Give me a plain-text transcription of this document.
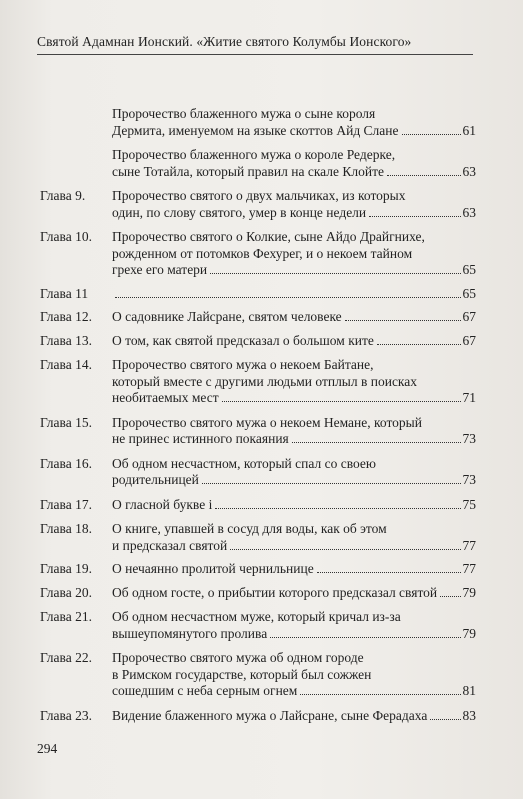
Святой Адамнан Ионский. «Житие святого Колумбы Ионского»
Пророчество блаженного мужа о сыне короля
Дермита, именуемом на языке скоттов Айд Слане	61
Пророчество блаженного мужа о короле Редерке,
сыне Тотайла, который правил на скале Клойте	63
Глава 9.	Пророчество святого о двух мальчиках, из которых
один, по слову святого, умер в конце недели	63
Глава 10.	Пророчество святого о Колкие, сыне Айдо Драйгнихе,
рожденном от потомков Фехурег, и о некоем тайном
грехе его матери	65
Глава 11	65
Глава 12.	О садовнике Лайсране, святом человеке	67
Глава 13.	О том, как святой предсказал о большом ките	67
Глава 14.	Пророчество святого мужа о некоем Байтане,
который вместе с другими людьми отплыл в поисках
необитаемых мест	71
Глава 15.	Пророчество святого мужа о некоем Немане, который
не принес истинного покаяния	73
Глава 16.	Об одном несчастном, который спал со своею
родительницей	73
Глава 17.	О гласной букве i	75
Глава 18.	О книге, упавшей в сосуд для воды, как об этом
и предсказал святой	77
Глава 19.	О нечаянно пролитой чернильнице	77
Глава 20.	Об одном госте, о прибытии которого предсказал святой 79
Глава 21.	Об одном несчастном муже, который кричал из-за
вышеупомянутого пролива	79
Глава 22.	Пророчество святого мужа об одном городе
в Римском государстве, который был сожжен
сошедшим с неба серным огнем	81
Глава 23.	Видение блаженного мужа о Лайсране, сыне Ферадаха	83
294
